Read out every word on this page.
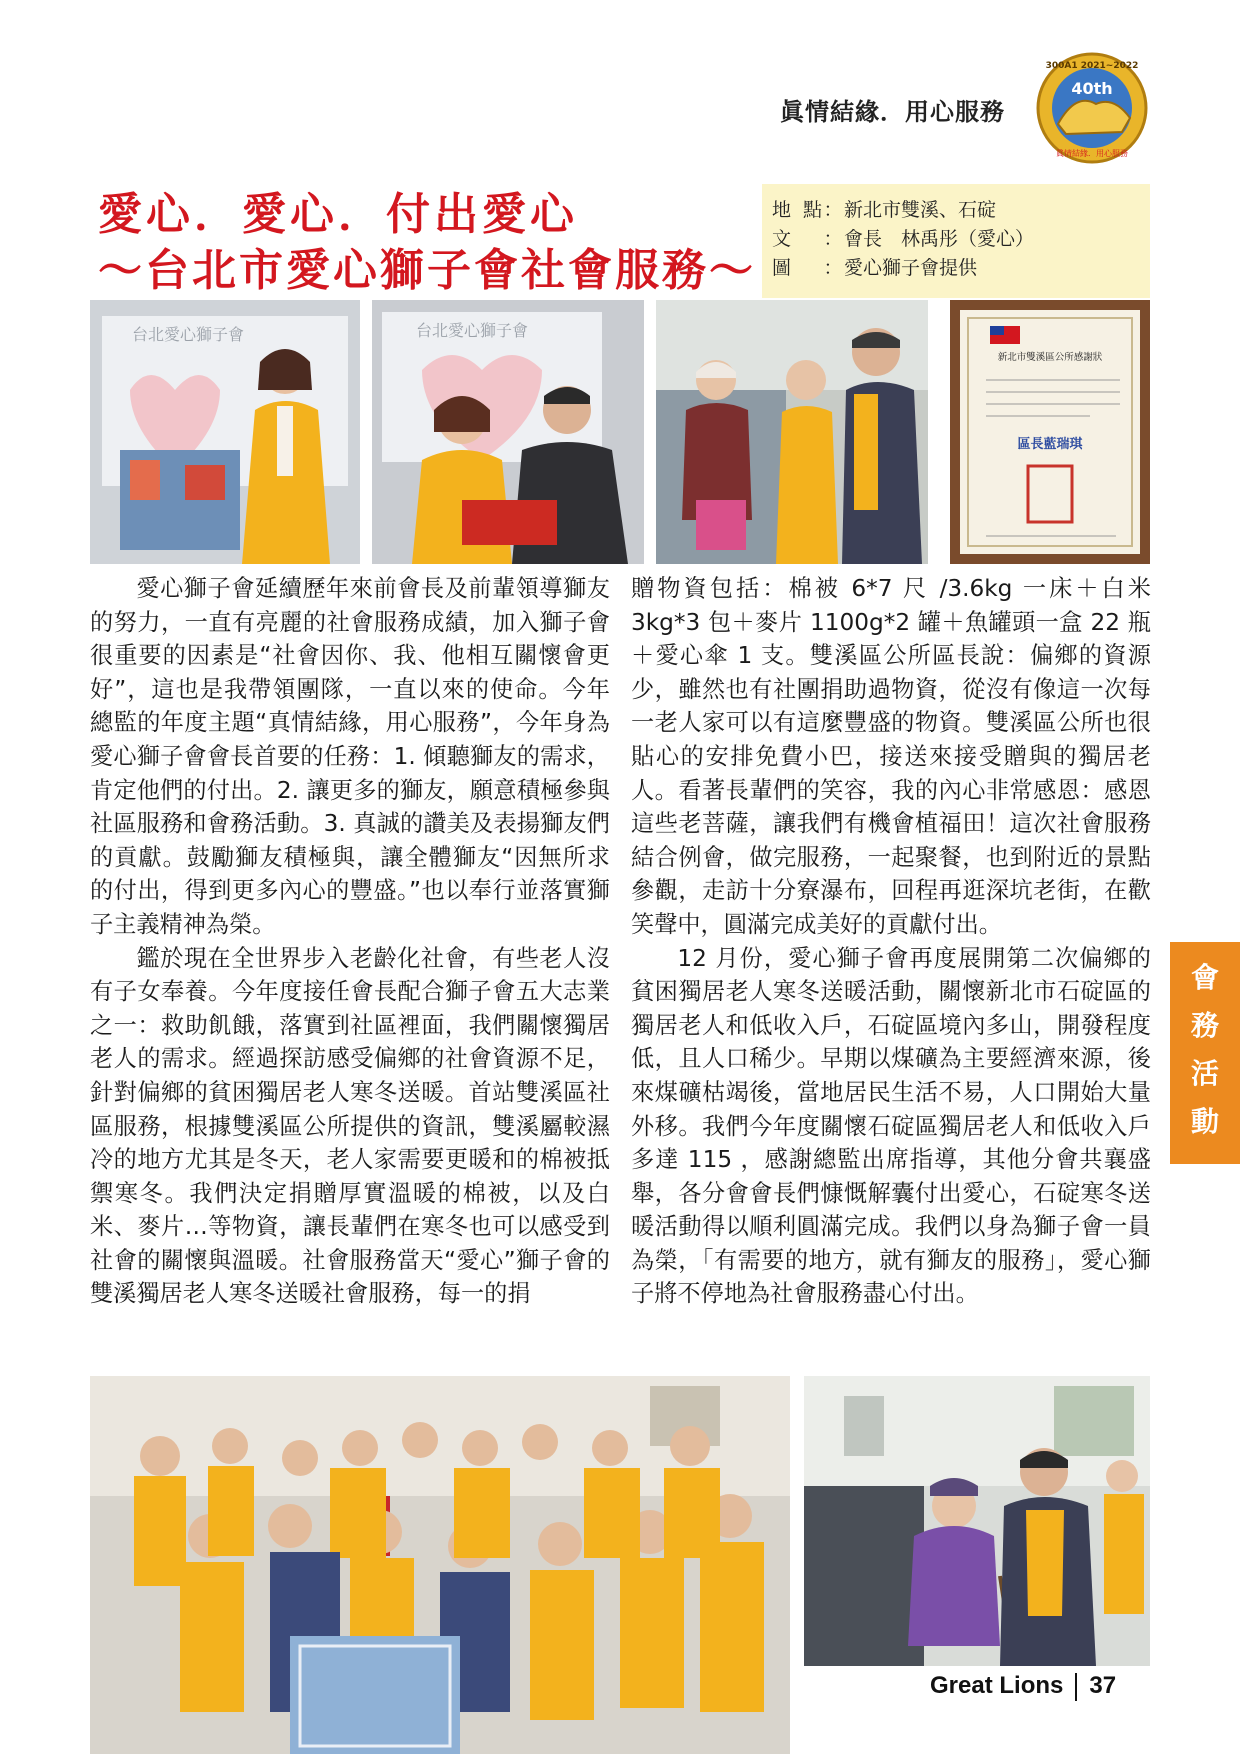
眞情結緣．用心服務
40th
300A1 2021~2022
眞情結緣．用心服務
愛心．愛心．付出愛心
～台北市愛心獅子會社會服務～
地點：新北市雙溪、石碇
文 ：會長　林禹彤（愛心）
圖 ：愛心獅子會提供
台北愛心獅子會	台北愛心獅子會
新北市雙溪區公所感謝狀
區長藍瑞琪

愛心獅子會延續歷年來前會長及前輩領導獅友的努力，一直有亮麗的社會服務成績，加入獅子會很重要的因素是“社會因你、我、他相互關懷會更好”，這也是我帶領團隊，一直以來的使命。今年總監的年度主題“真情結緣，用心服務”，今年身為愛心獅子會會長首要的任務：1. 傾聽獅友的需求，肯定他們的付出。2. 讓更多的獅友，願意積極參與社區服務和會務活動。3. 真誠的讚美及表揚獅友們的貢獻。鼓勵獅友積極與，讓全體獅友“因無所求的付出，得到更多內心的豐盛。”也以奉行並落實獅子主義精神為榮。

鑑於現在全世界步入老齡化社會，有些老人沒有子女奉養。今年度接任會長配合獅子會五大志業之一：救助飢餓，落實到社區裡面，我們關懷獨居老人的需求。經過探訪感受偏鄉的社會資源不足，針對偏鄉的貧困獨居老人寒冬送暖。首站雙溪區社區服務，根據雙溪區公所提供的資訊，雙溪屬較濕冷的地方尤其是冬天，老人家需要更暖和的棉被抵禦寒冬。我們決定捐贈厚實溫暖的棉被，以及白米、麥片…等物資，讓長輩們在寒冬也可以感受到社會的關懷與溫暖。社會服務當天“愛心”獅子會的雙溪獨居老人寒冬送暖社會服務，每一的捐

贈物資包括：棉被 6*7 尺 /3.6kg 一床＋白米 3kg*3 包＋麥片 1100g*2 罐＋魚罐頭一盒 22 瓶＋愛心傘 1 支。雙溪區公所區長說：偏鄉的資源少，雖然也有社團捐助過物資，從沒有像這一次每一老人家可以有這麼豐盛的物資。雙溪區公所也很貼心的安排免費小巴，接送來接受贈與的獨居老人。看著長輩們的笑容，我的內心非常感恩：感恩這些老菩薩，讓我們有機會植福田！這次社會服務結合例會，做完服務，一起聚餐，也到附近的景點參觀，走訪十分寮瀑布，回程再逛深坑老街，在歡笑聲中，圓滿完成美好的貢獻付出。

12 月份，愛心獅子會再度展開第二次偏鄉的貧困獨居老人寒冬送暖活動，關懷新北市石碇區的獨居老人和低收入戶，石碇區境內多山，開發程度低，且人口稀少。早期以煤礦為主要經濟來源，後來煤礦枯竭後，當地居民生活不易，人口開始大量外移。我們今年度關懷石碇區獨居老人和低收入戶多達 115 ，感謝總監出席指導，其他分會共襄盛舉，各分會會長們慷慨解囊付出愛心，石碇寒冬送暖活動得以順利圓滿完成。我們以身為獅子會一員為榮，「有需要的地方，就有獅友的服務」，愛心獅子將不停地為社會服務盡心付出。

會
務
活
動
Great Lions 37
